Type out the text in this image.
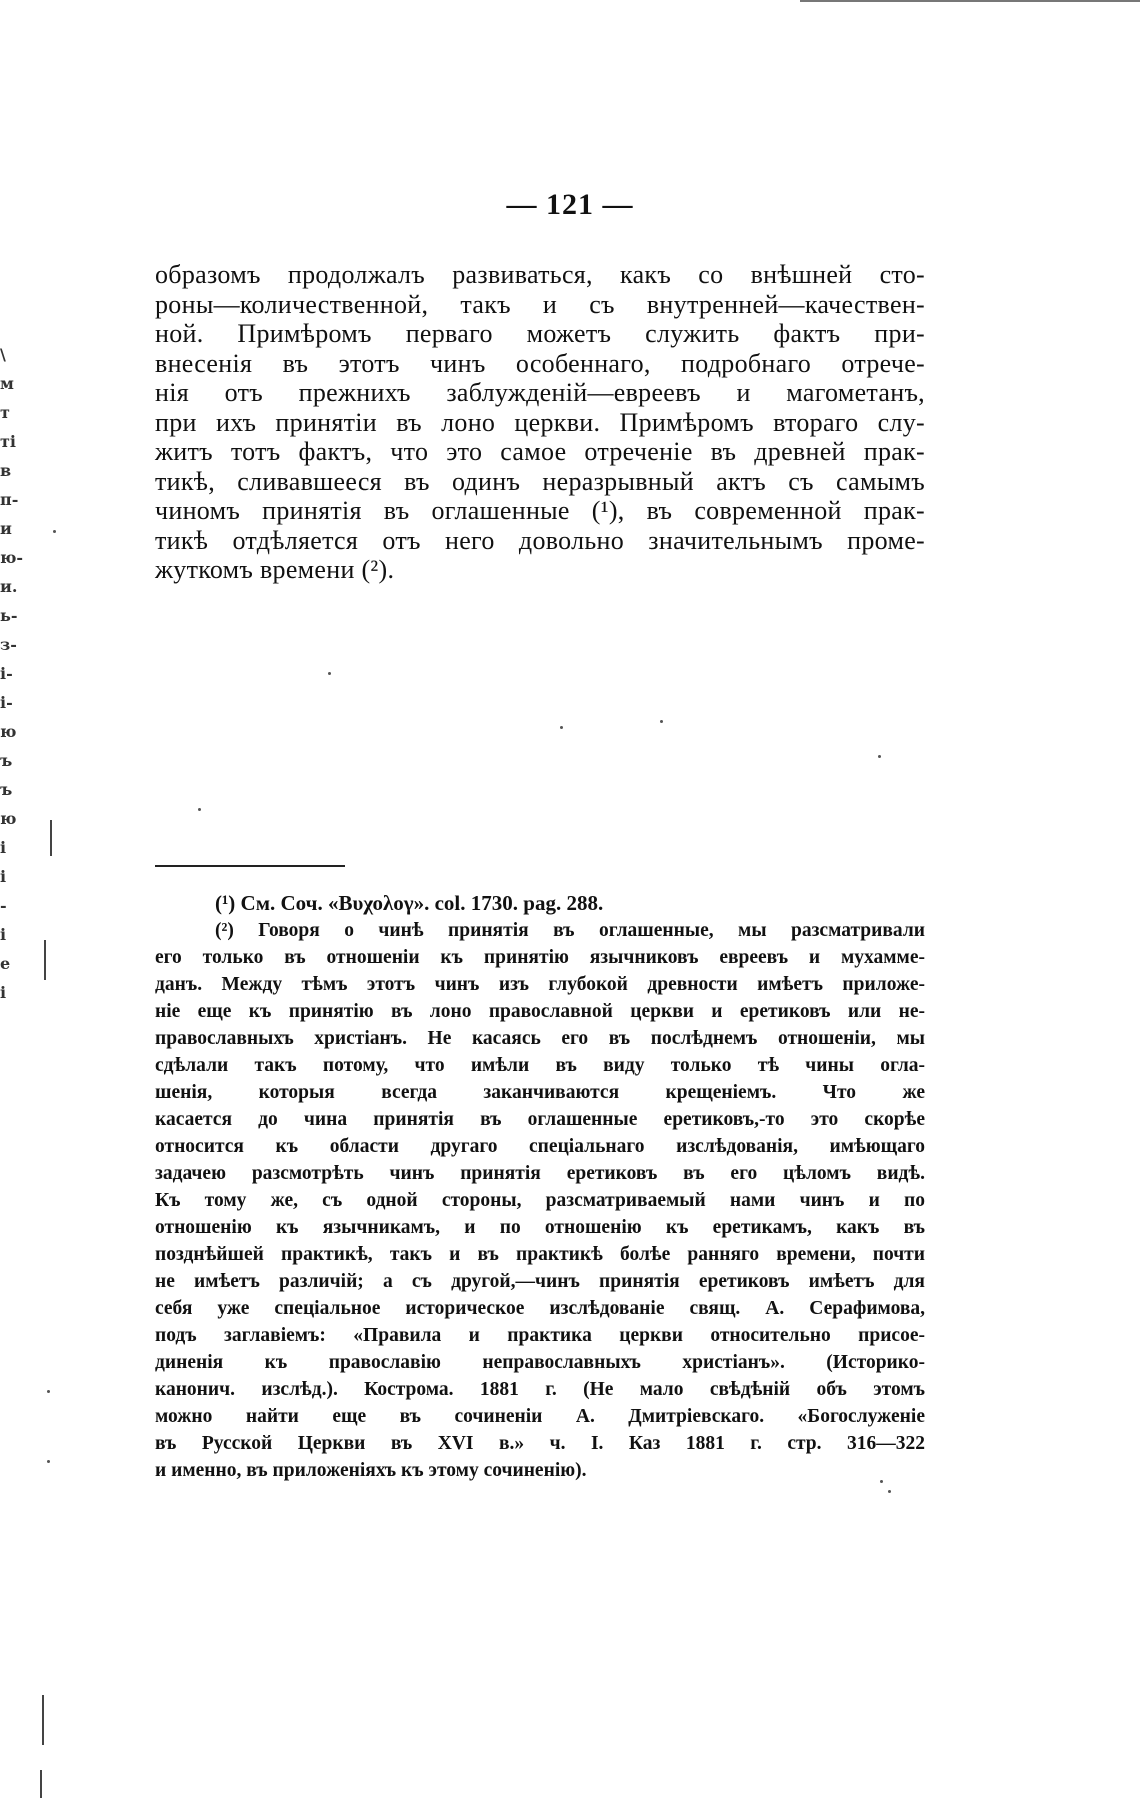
— 121 —
образомъ продолжалъ развиваться, какъ со внѣшней сто-
роны—количественной, такъ и съ внутренней—качествен-
ной. Примѣромъ перваго можетъ служить фактъ при-
внесенія въ этотъ чинъ особеннаго, подробнаго отрече-
нія отъ прежнихъ заблужденій—евреевъ и магометанъ,
при ихъ принятіи въ лоно церкви. Примѣромъ втораго слу-
житъ тотъ фактъ, что это самое отреченіе въ древней прак-
тикѣ, сливавшееся въ одинъ неразрывный актъ съ самымъ
чиномъ принятія въ оглашенные (¹), въ современной прак-
тикѣ отдѣляется отъ него довольно значительнымъ проме-
жуткомъ времени (²).
(¹) См. Соч. «Βυχολογ». col. 1730. pag. 288.
(²) Говоря о чинѣ принятія въ оглашенные, мы разсматривали
его только въ отношеніи къ принятію язычниковъ евреевъ и мухамме-
данъ. Между тѣмъ этотъ чинъ изъ глубокой древности имѣетъ приложе-
ніе еще къ принятію въ лоно православной церкви и еретиковъ или не-
православныхъ христіанъ. Не касаясь его въ послѣднемъ отношеніи, мы
сдѣлали такъ потому, что имѣли въ виду только тѣ чины огла-
шенія, которыя всегда заканчиваются крещеніемъ. Что же
касается до чина принятія въ оглашенные еретиковъ,-то это скорѣе
относится къ области другаго спеціальнаго изслѣдованія, имѣющаго
задачею разсмотрѣть чинъ принятія еретиковъ въ его цѣломъ видѣ.
Къ тому же, съ одной стороны, разсматриваемый нами чинъ и по
отношенію къ язычникамъ, и по отношенію къ еретикамъ, какъ въ
позднѣйшей практикѣ, такъ и въ практикѣ болѣе ранняго времени, почти
не имѣетъ различій; а съ другой,—чинъ принятія еретиковъ имѣетъ для
себя уже спеціальное историческое изслѣдованіе свящ. А. Серафимова,
подъ заглавіемъ: «Правила и практика церкви относительно присое-
диненія къ православію неправославныхъ христіанъ». (Историко-
канонич. изслѣд.). Кострома. 1881 г. (Не мало свѣдѣній объ этомъ
можно найти еще въ сочиненіи А. Дмитріевскаго. «Богослуженіе
въ Русской Церкви въ XVI в.» ч. I. Каз 1881 г. стр. 316—322
и именно, въ приложеніяхъ къ этому сочиненію).
\
м
т
ті
в
п-
и
ю-
и.
ь-
з-
і-
і-
ю
ъ
ъ
ю
і
і
-
і
е
і
